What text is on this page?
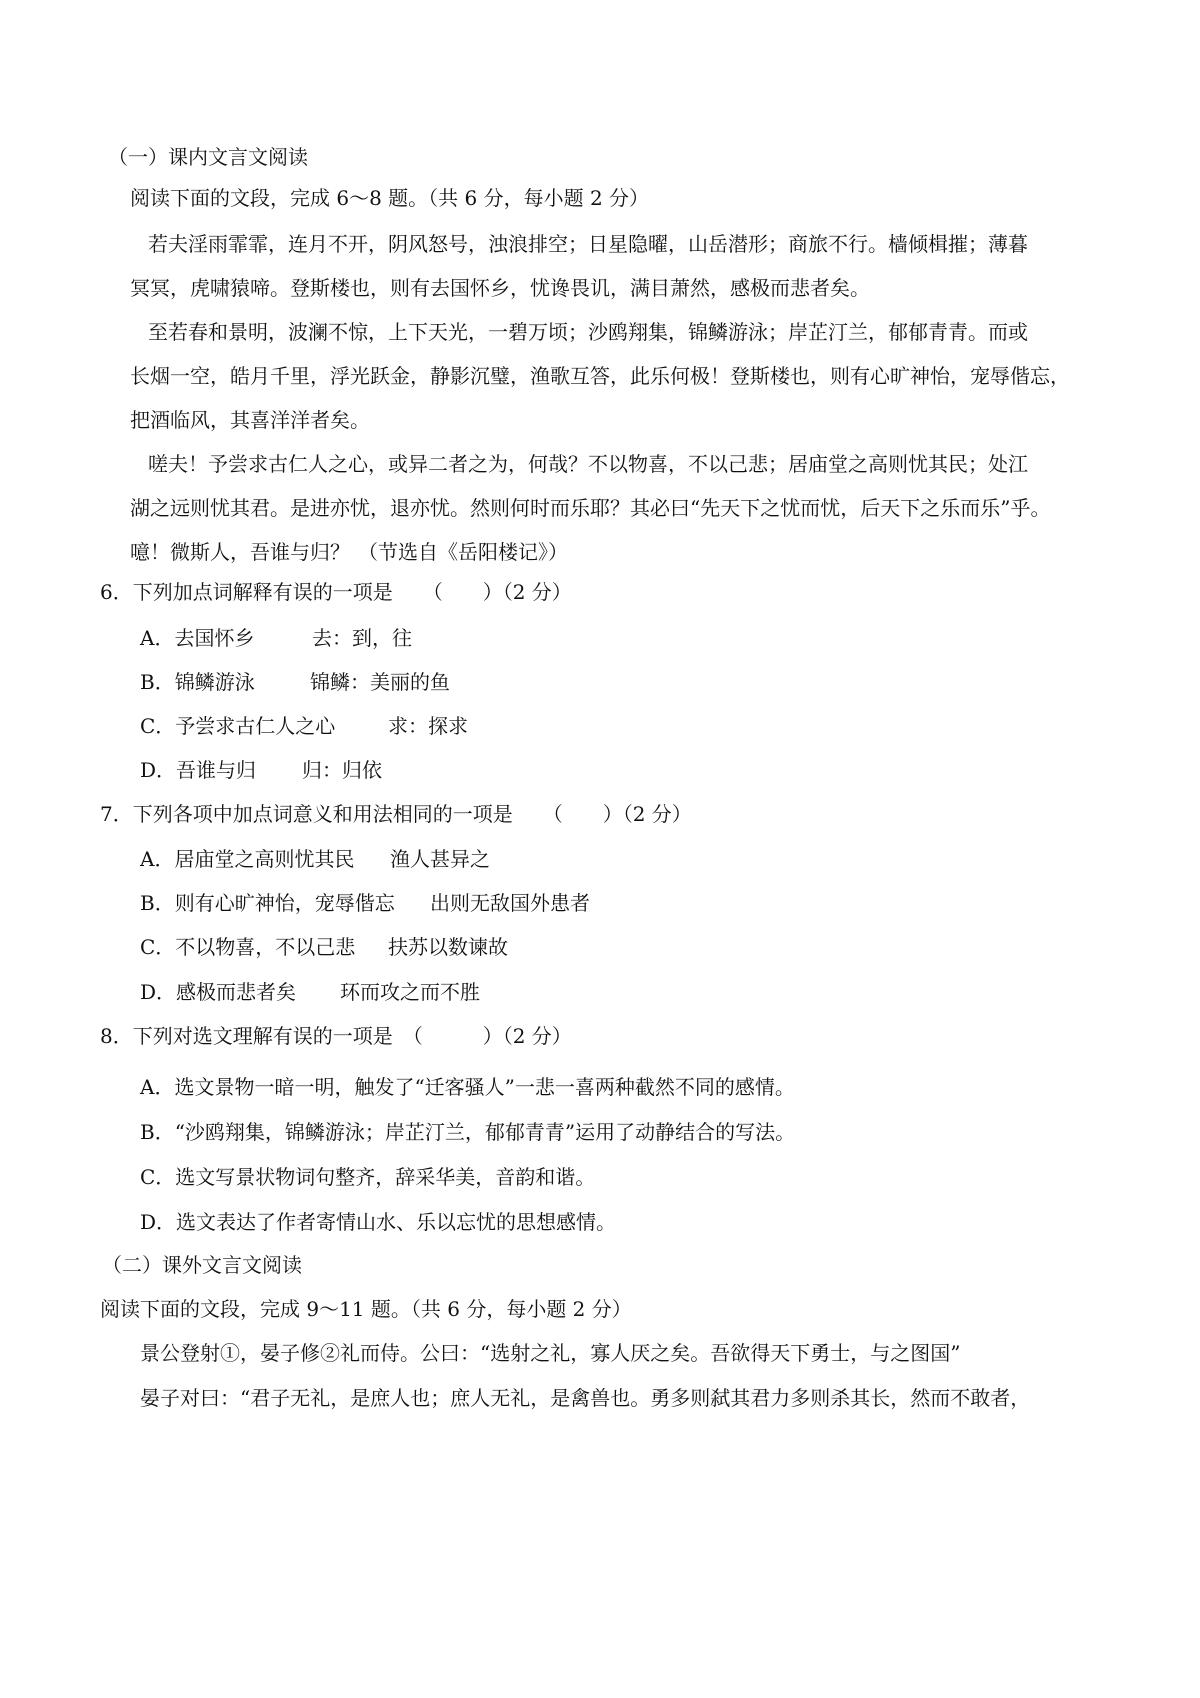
（一）课内文言文阅读
阅读下面的文段，完成 6～8 题。（共 6 分，每小题 2 分）
若夫淫雨霏霏，连月不开，阴风怒号，浊浪排空；日星隐曜，山岳潜形；商旅不行。樯倾楫摧；薄暮
冥冥，虎啸猿啼。登斯楼也，则有去国怀乡，忧谗畏讥，满目萧然，感极而悲者矣。
至若春和景明，波澜不惊，上下天光，一碧万顷；沙鸥翔集，锦鳞游泳；岸芷汀兰，郁郁青青。而或
长烟一空，皓月千里，浮光跃金，静影沉璧，渔歌互答，此乐何极！登斯楼也，则有心旷神怡，宠辱偕忘，
把酒临风，其喜洋洋者矣。
嗟夫！予尝求古仁人之心，或异二者之为，何哉？不以物喜，不以己悲；居庙堂之高则忧其民；处江
湖之远则忧其君。是进亦忧，退亦忧。然则何时而乐耶？其必曰“先天下之忧而忧，后天下之乐而乐”乎。
噫！微斯人，吾谁与归？ （节选自《岳阳楼记》）
6．下列加点词解释有误的一项是　　（　　）（2 分）
A．去国怀乡	去：到，往
B．锦鳞游泳	锦鳞：美丽的鱼
C．予尝求古仁人之心	求：探求
D．吾谁与归 归：归依
7．下列各项中加点词意义和用法相同的一项是　　（　　）（2 分）
A．居庙堂之高则忧其民 渔人甚异之
B．则有心旷神怡，宠辱偕忘 出则无敌国外患者
C．不以物喜，不以己悲 扶苏以数谏故
D．感极而悲者矣 环而攻之而不胜
8．下列对选文理解有误的一项是　（　　　）（2 分）
A．选文景物一暗一明，触发了“迁客骚人”一悲一喜两种截然不同的感情。
B．“沙鸥翔集，锦鳞游泳；岸芷汀兰，郁郁青青”运用了动静结合的写法。
C．选文写景状物词句整齐，辞采华美，音韵和谐。
D．选文表达了作者寄情山水、乐以忘忧的思想感情。
（二）课外文言文阅读
阅读下面的文段，完成 9～11 题。（共 6 分，每小题 2 分）
景公登射①，晏子修②礼而侍。公曰：“选射之礼，寡人厌之矣。吾欲得天下勇士，与之图国”
晏子对曰：“君子无礼，是庶人也；庶人无礼，是禽兽也。勇多则弑其君力多则杀其长，然而不敢者，
